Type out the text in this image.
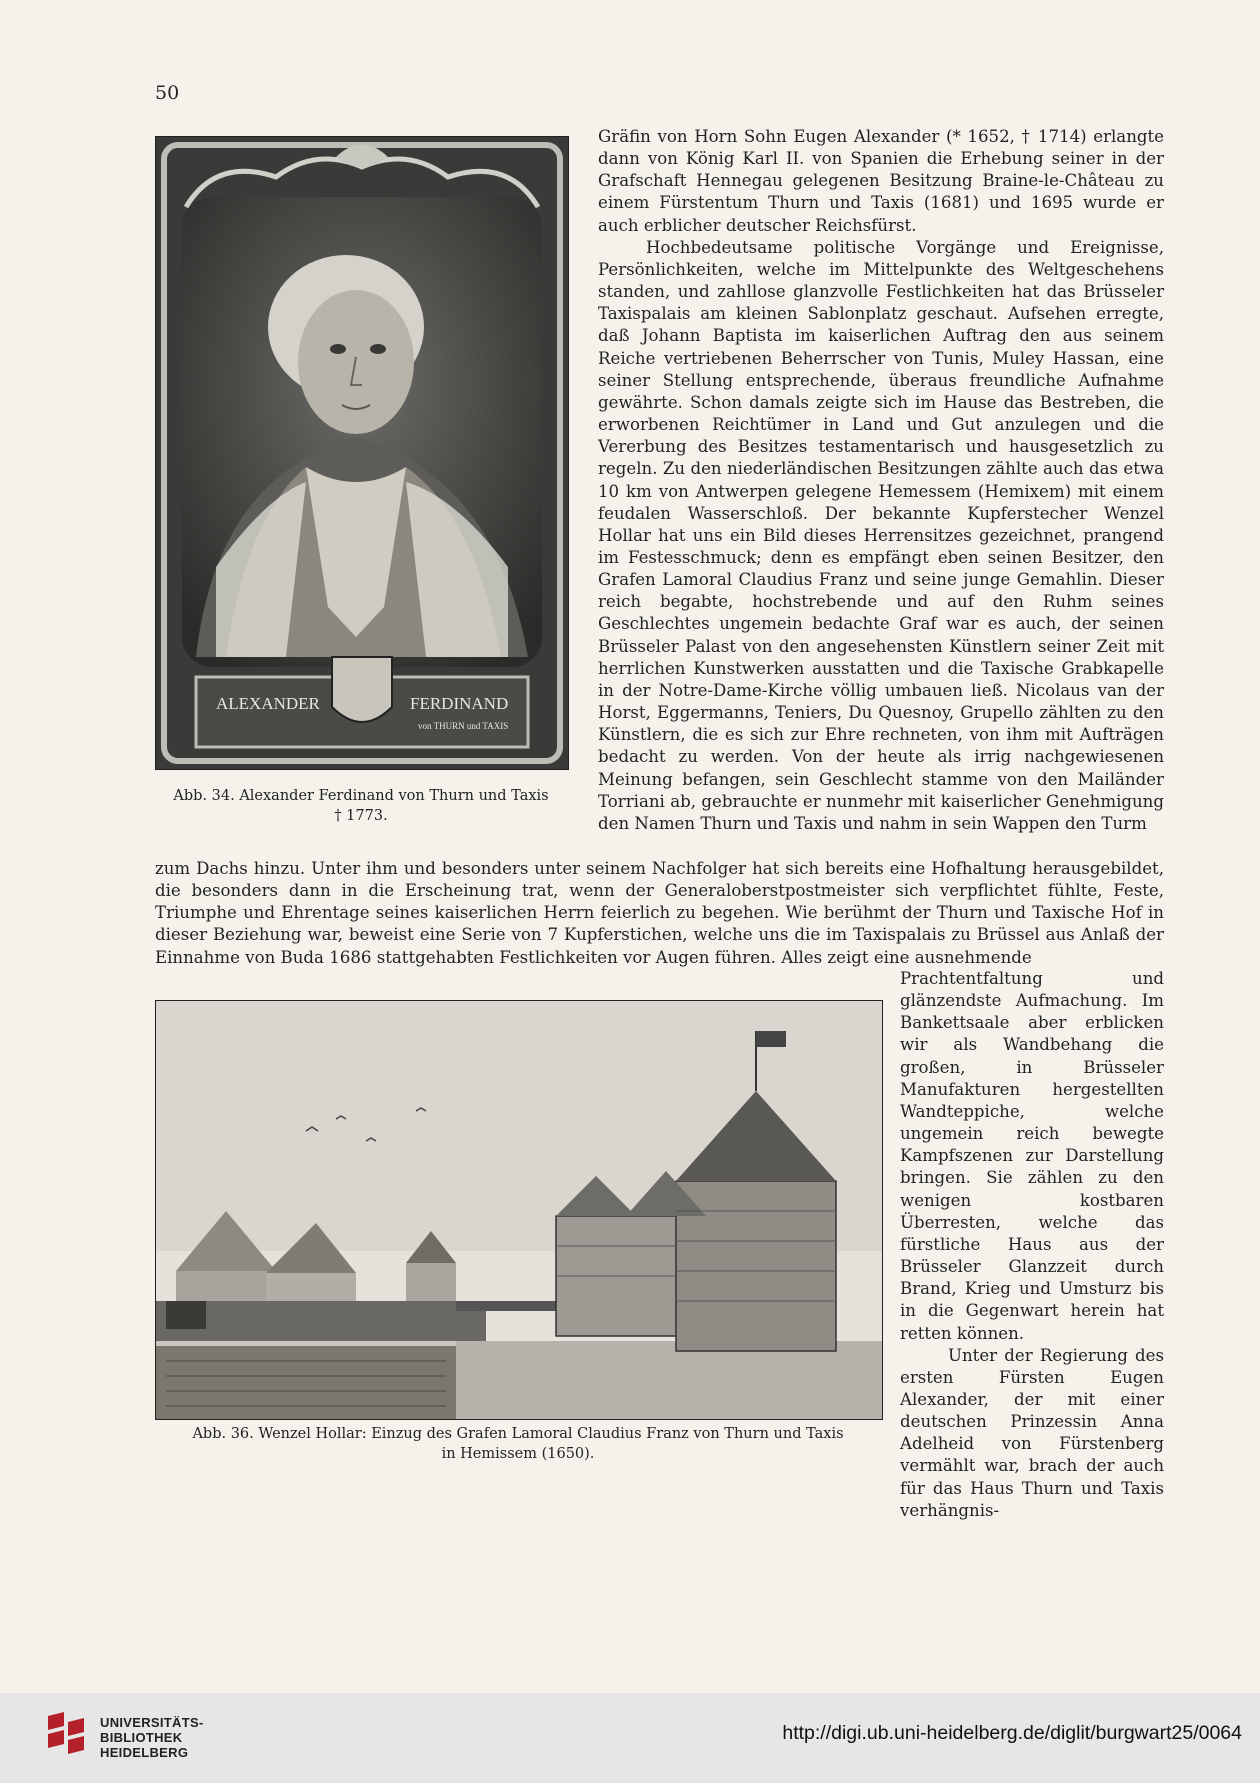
50
ALEXANDER	FERDINAND
von THURN und TAXIS
Abb. 34. Alexander Ferdinand von Thurn und Taxis
† 1773.

Gräfin von Horn Sohn Eugen Alexander (* 1652, † 1714) erlangte dann von König Karl II. von Spanien die Erhebung seiner in der Grafschaft Hennegau gelegenen Besitzung Braine-le-Château zu einem Fürstentum Thurn und Taxis (1681) und 1695 wurde er auch erblicher deutscher Reichsfürst.

Hochbedeutsame politische Vorgänge und Ereignisse, Persönlichkeiten, welche im Mittelpunkte des Weltgeschehens standen, und zahllose glanzvolle Festlichkeiten hat das Brüsseler Taxispalais am kleinen Sablonplatz geschaut. Aufsehen erregte, daß Johann Baptista im kaiserlichen Auftrag den aus seinem Reiche vertriebenen Beherrscher von Tunis, Muley Hassan, eine seiner Stellung entsprechende, überaus freundliche Aufnahme gewährte. Schon damals zeigte sich im Hause das Bestreben, die erworbenen Reichtümer in Land und Gut anzulegen und die Vererbung des Besitzes testamentarisch und hausgesetzlich zu regeln. Zu den niederländischen Besitzungen zählte auch das etwa 10 km von Antwerpen gelegene Hemessem (Hemixem) mit einem feudalen Wasserschloß. Der bekannte Kupferstecher Wenzel Hollar hat uns ein Bild dieses Herrensitzes gezeichnet, prangend im Festesschmuck; denn es empfängt eben seinen Besitzer, den Grafen Lamoral Claudius Franz und seine junge Gemahlin. Dieser reich begabte, hochstrebende und auf den Ruhm seines Geschlechtes ungemein bedachte Graf war es auch, der seinen Brüsseler Palast von den angesehensten Künstlern seiner Zeit mit herrlichen Kunstwerken ausstatten und die Taxische Grabkapelle in der Notre-Dame-Kirche völlig umbauen ließ. Nicolaus van der Horst, Eggermanns, Teniers, Du Quesnoy, Grupello zählten zu den Künstlern, die es sich zur Ehre rechneten, von ihm mit Aufträgen bedacht zu werden. Von der heute als irrig nachgewiesenen Meinung befangen, sein Geschlecht stamme von den Mailänder Torriani ab, gebrauchte er nunmehr mit kaiserlicher Genehmigung den Namen Thurn und Taxis und nahm in sein Wappen den Turm

zum Dachs hinzu. Unter ihm und besonders unter seinem Nachfolger hat sich bereits eine Hofhaltung herausgebildet, die besonders dann in die Erscheinung trat, wenn der Generaloberstpostmeister sich verpflichtet fühlte, Feste, Triumphe und Ehrentage seines kaiserlichen Herrn feierlich zu begehen. Wie berühmt der Thurn und Taxische Hof in dieser Beziehung war, beweist eine Serie von 7 Kupferstichen, welche uns die im Taxispalais zu Brüssel aus Anlaß der Einnahme von Buda 1686 stattgehabten Festlichkeiten vor Augen führen. Alles zeigt eine ausnehmende

Abb. 36. Wenzel Hollar: Einzug des Grafen Lamoral Claudius Franz von Thurn und Taxis
in Hemissem (1650).

Prachtentfaltung und glänzendste Aufmachung. Im Bankettsaale aber erblicken wir als Wandbehang die großen, in Brüsseler Manufakturen hergestellten Wandteppiche, welche ungemein reich bewegte Kampfszenen zur Darstellung bringen. Sie zählen zu den wenigen kostbaren Überresten, welche das fürstliche Haus aus der Brüsseler Glanzzeit durch Brand, Krieg und Umsturz bis in die Gegenwart herein hat retten können.

Unter der Regierung des ersten Fürsten Eugen Alexander, der mit einer deutschen Prinzessin Anna Adelheid von Fürstenberg vermählt war, brach der auch für das Haus Thurn und Taxis verhängnis-

UNIVERSITÄTS-
BIBLIOTHEK
HEIDELBERG
http://digi.ub.uni-heidelberg.de/diglit/burgwart25/0064
